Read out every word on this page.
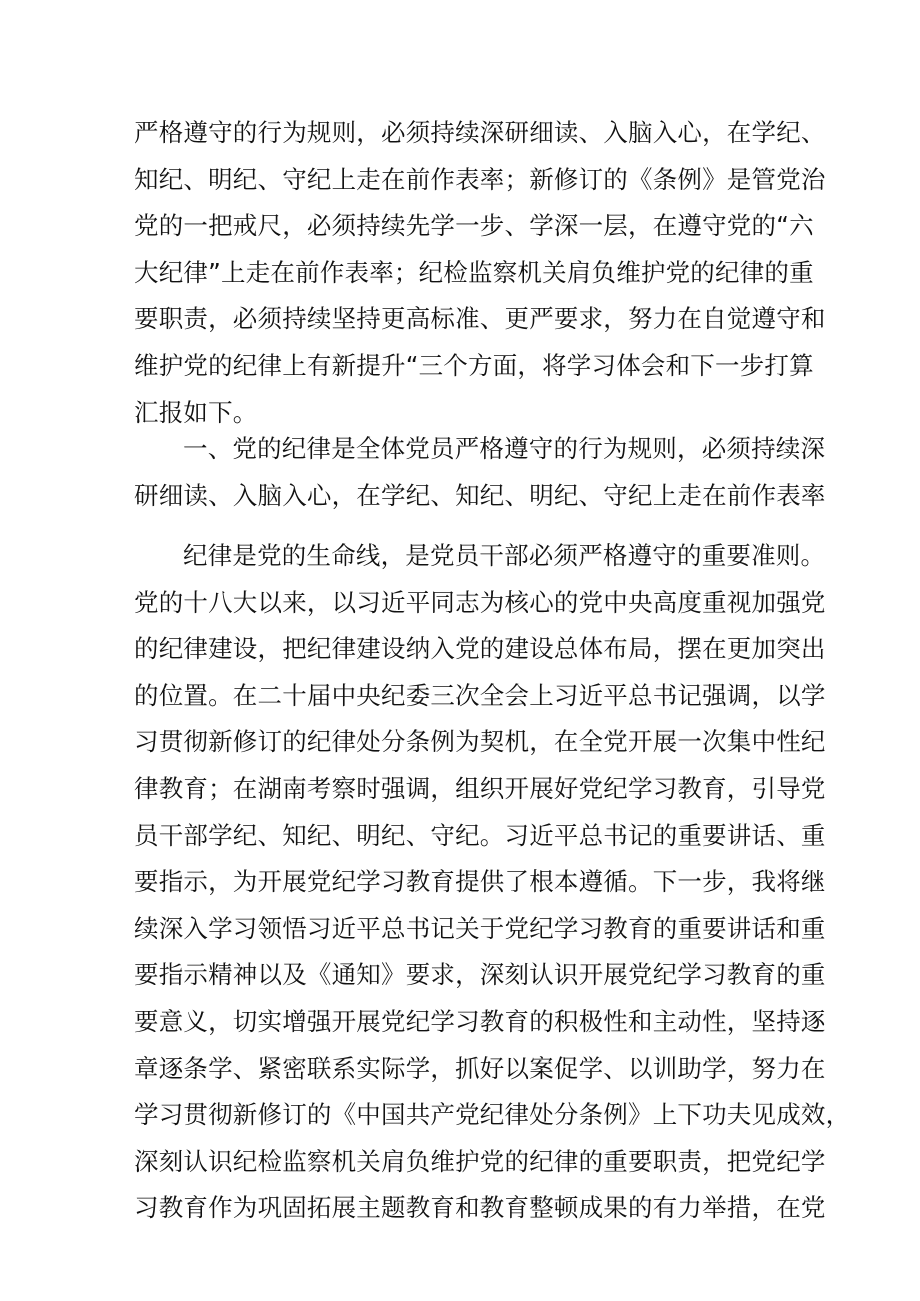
严格遵守的行为规则，必须持续深研细读、入脑入心，在学纪、
知纪、明纪、守纪上走在前作表率；新修订的《条例》是管党治
党的一把戒尺，必须持续先学一步、学深一层，在遵守党的“六
大纪律”上走在前作表率；纪检监察机关肩负维护党的纪律的重
要职责，必须持续坚持更高标准、更严要求，努力在自觉遵守和
维护党的纪律上有新提升“三个方面，将学习体会和下一步打算
汇报如下。
一、党的纪律是全体党员严格遵守的行为规则，必须持续深
研细读、入脑入心，在学纪、知纪、明纪、守纪上走在前作表率
纪律是党的生命线，是党员干部必须严格遵守的重要准则。
党的十八大以来，以习近平同志为核心的党中央高度重视加强党
的纪律建设，把纪律建设纳入党的建设总体布局，摆在更加突出
的位置。在二十届中央纪委三次全会上习近平总书记强调，以学
习贯彻新修订的纪律处分条例为契机，在全党开展一次集中性纪
律教育；在湖南考察时强调，组织开展好党纪学习教育，引导党
员干部学纪、知纪、明纪、守纪。习近平总书记的重要讲话、重
要指示，为开展党纪学习教育提供了根本遵循。下一步，我将继
续深入学习领悟习近平总书记关于党纪学习教育的重要讲话和重
要指示精神以及《通知》要求，深刻认识开展党纪学习教育的重
要意义，切实增强开展党纪学习教育的积极性和主动性，坚持逐
章逐条学、紧密联系实际学，抓好以案促学、以训助学，努力在
学习贯彻新修订的《中国共产党纪律处分条例》上下功夫见成效，
深刻认识纪检监察机关肩负维护党的纪律的重要职责，把党纪学
习教育作为巩固拓展主题教育和教育整顿成果的有力举措，在党
